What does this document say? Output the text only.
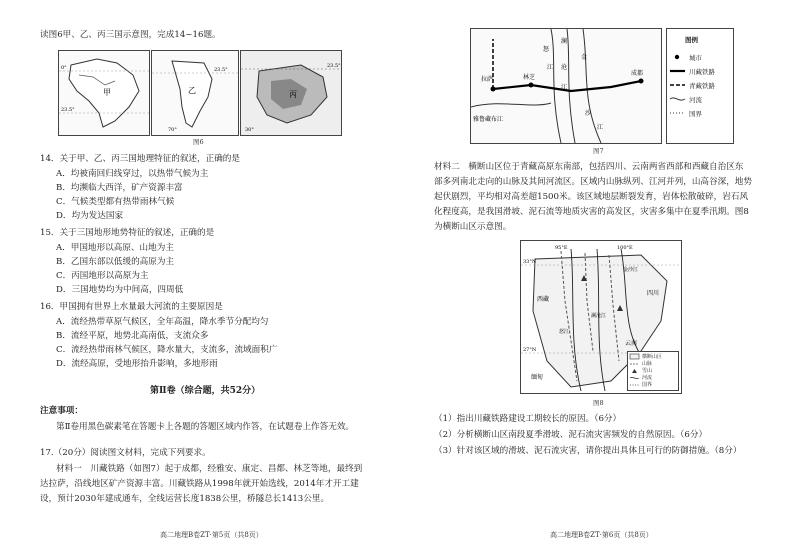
读图6甲、乙、丙三国示意图，完成14~16题。
甲
0°
23.5°
乙
23.5°
70°
丙
23.5°
30°
图6
14．关于甲、乙、丙三国地理特征的叙述，正确的是
A．均被南回归线穿过，以热带气候为主
B．均濒临大西洋，矿产资源丰富
C．气候类型都有热带雨林气候
D．均为发达国家
15．关于三国地形地势特征的叙述，正确的是
A．甲国地形以高原、山地为主
B．乙国东部以低缓的高原为主
C．丙国地形以高原为主
D．三国地势均为中间高，四周低
16．甲国拥有世界上水量最大河流的主要原因是
A．流经热带草原气候区，全年高温，降水季节分配均匀
B．流经平原，地势北高南低，支流众多
C．流经热带雨林气候区，降水量大，支流多，流域面积广
D．流经高原，受地形抬升影响，多地形雨
第Ⅱ卷（综合题，共52分）
注意事项：
第Ⅱ卷用黑色碳素笔在答题卡上各题的答题区域内作答，在试题卷上作答无效。
17.（20分）阅读图文材料，完成下列要求。
材料一　川藏铁路（如图7）起于成都，经雅安、康定、昌都、林芝等地，最终到
达拉萨，沿线地区矿产资源丰富。川藏铁路从1998年就开始选线，2014年才开工建
设，预计2030年建成通车，全线运营长度1838公里，桥隧总长1413公里。
高二地理B卷ZT·第5页（共8页）
拉萨	林芝
成都
怒
澜
沧
江
雅鲁藏布江
江
江
金
沙
图例
城市
川藏铁路
青藏铁路
河流
国界
图7
材料二　横断山区位于青藏高原东南部，包括四川、云南两省西部和西藏自治区东
部多列南北走向的山脉及其间河流区。区域内山脉纵列、江河并列，山高谷深，地势
起伏剧烈，平均相对高差超1500米。该区域地层断裂发育，岩体松散破碎，岩石风
化程度高，是我国滑坡、泥石流等地质灾害的高发区，灾害多集中在夏季汛期。图8
为横断山区示意图。
95°E	100°E
33°N
27°N
四川
西藏
缅甸
云南
澜沧江
金沙江
怒江
横断山区
山脉
雪山
河流
国界
图8
（1）指出川藏铁路建设工期较长的原因。（6分）
（2）分析横断山区南段夏季滑坡、泥石流灾害频发的自然原因。（6分）
（3）针对该区域的滑坡、泥石流灾害，请你提出具体且可行的防御措施。（8分）
高二地理B卷ZT·第6页（共8页）
